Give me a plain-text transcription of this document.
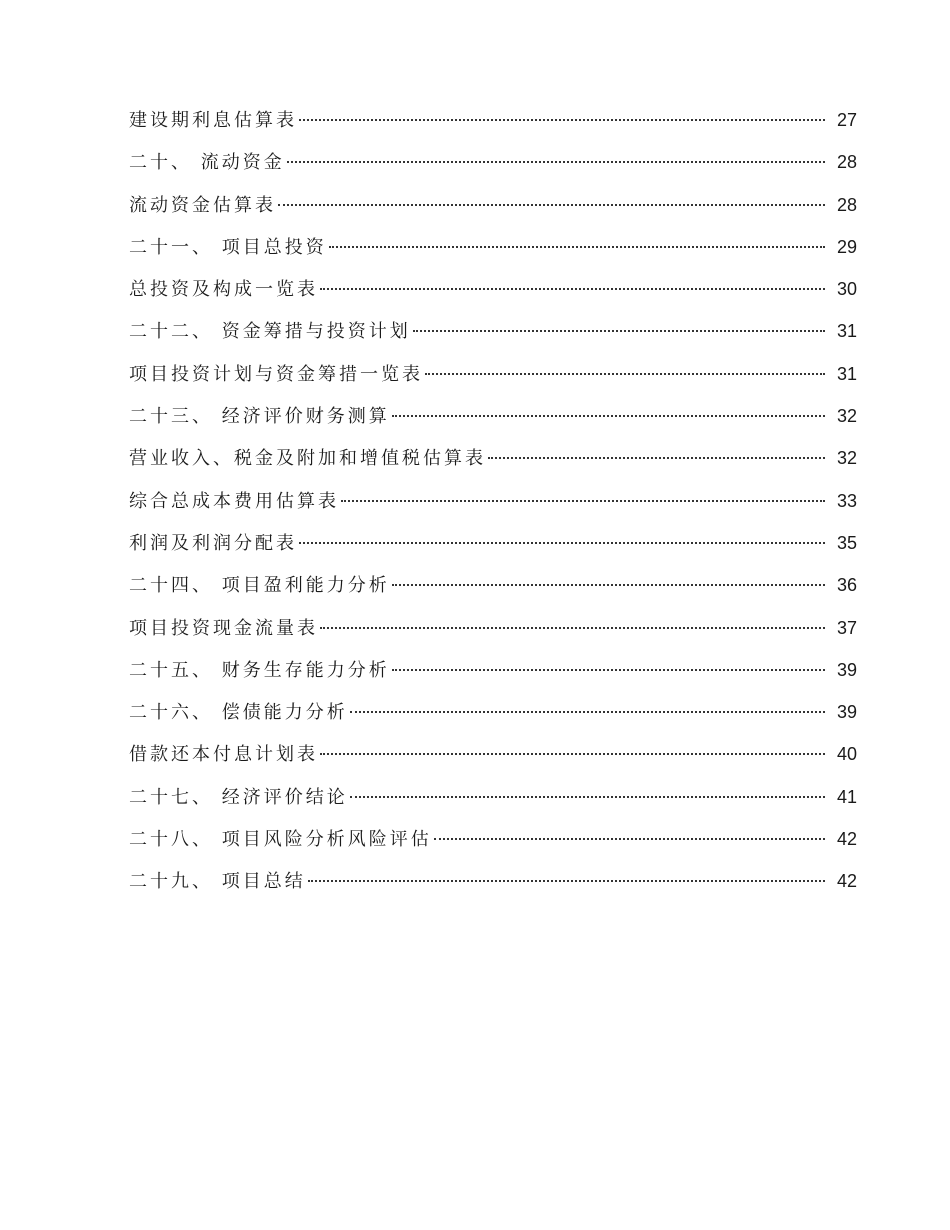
建设期利息估算表	27
二十、 流动资金	28
流动资金估算表	28
二十一、 项目总投资	29
总投资及构成一览表	30
二十二、 资金筹措与投资计划	31
项目投资计划与资金筹措一览表	31
二十三、 经济评价财务测算	32
营业收入、税金及附加和增值税估算表	32
综合总成本费用估算表	33
利润及利润分配表	35
二十四、 项目盈利能力分析	36
项目投资现金流量表	37
二十五、 财务生存能力分析	39
二十六、 偿债能力分析	39
借款还本付息计划表	40
二十七、 经济评价结论	41
二十八、 项目风险分析风险评估	42
二十九、 项目总结	42
